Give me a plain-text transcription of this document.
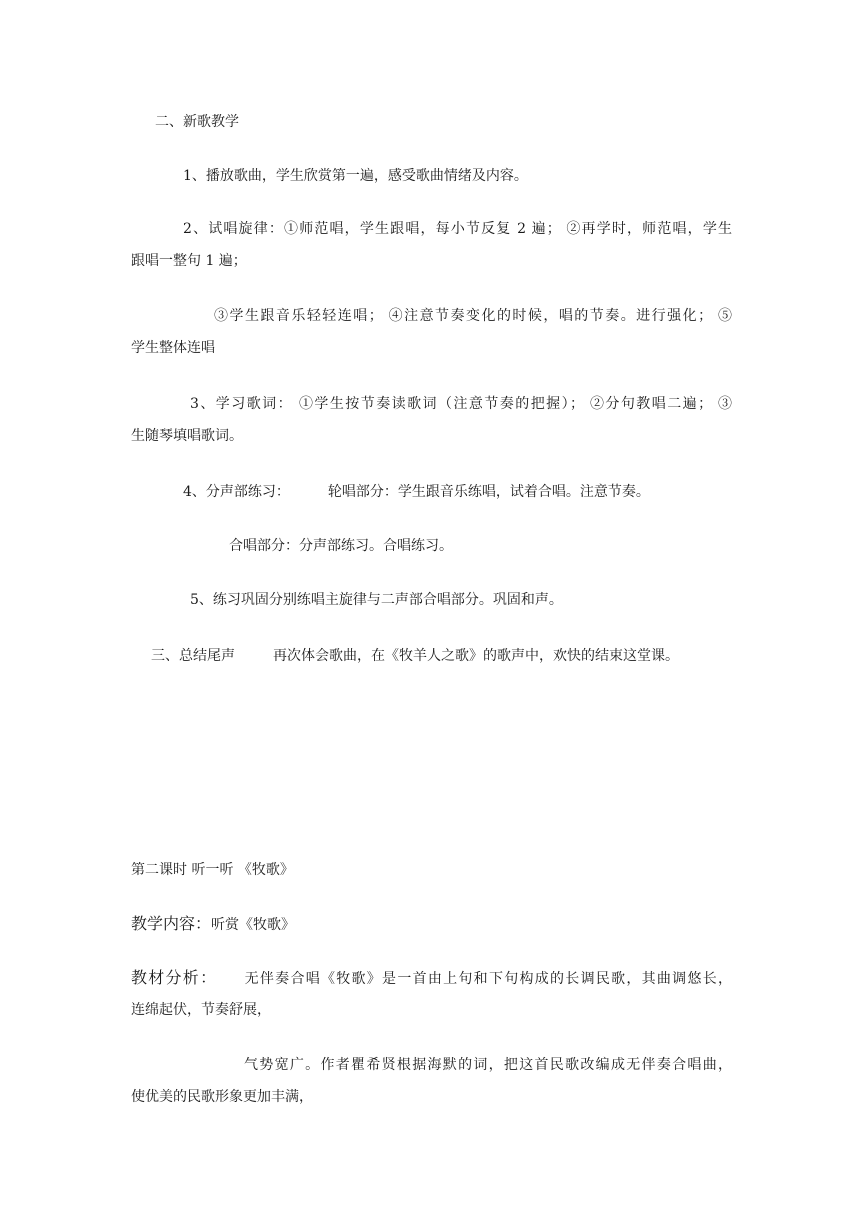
二、新歌教学
1、播放歌曲，学生欣赏第一遍，感受歌曲情绪及内容。
2、试唱旋律：①师范唱，学生跟唱，每小节反复 2 遍； ②再学时，师范唱，学生
跟唱一整句 1 遍；
③学生跟音乐轻轻连唱； ④注意节奏变化的时候，唱的节奏。进行强化； ⑤
学生整体连唱
3、学习歌词： ①学生按节奏读歌词（注意节奏的把握）； ②分句教唱二遍； ③
生随琴填唱歌词。
4、分声部练习：	轮唱部分：学生跟音乐练唱，试着合唱。注意节奏。
合唱部分：分声部练习。合唱练习。
5、练习巩固分别练唱主旋律与二声部合唱部分。巩固和声。
三、总结尾声	再次体会歌曲，在《牧羊人之歌》的歌声中，欢快的结束这堂课。
第二课时 听一听 《牧歌》
教学内容：听赏《牧歌》
教材分析： 无伴奏合唱《牧歌》是一首由上句和下句构成的长调民歌，其曲调悠长，
连绵起伏，节奏舒展，
气势宽广。作者瞿希贤根据海默的词，把这首民歌改编成无伴奏合唱曲，
使优美的民歌形象更加丰满，
